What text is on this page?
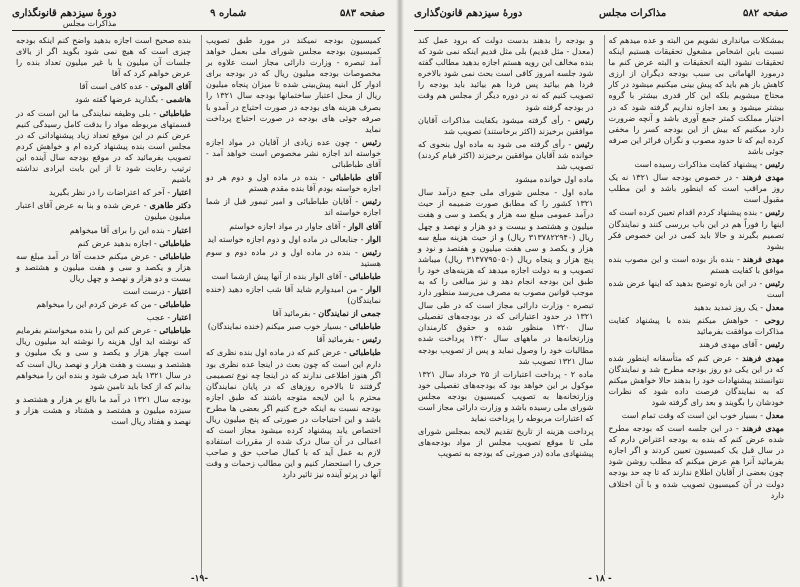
صفحه ۵۸۳
شماره ۹
دورهٔ سیزدهم قانونگذاری
مذاکرات مجلس

کمیسیون بودجه نمیکند در مورد طبق تصویب کمیسیون بودجه مجلس شورای ملی بعمل خواهد آمد تبصره - وزارت دارائی مجاز است علاوه بر مخصوصات بودجه میلیون ریال که در بودجه برای ادوار کل ابنیه پیش‌بینی شده تا میزان پنجاه میلیون ریال از محل اعتبار ساختمانها بودجه سال ۱۳۲۱ را بصرف هزینه های بودجه در صورت احتیاج در آمدو با صرفه جوئی های بودجه در صورت احتیاج پرداخت نماید

رئیس - چون عده زیادی از آقایان در مواد اجازه خواسته اند اجازه نشر مخصوص است خواهد آمد - آقای طباطبائی

آقای طباطبائی - بنده در ماده اول و دوم هر دو اجازه خواسته بودم آقا بنده مقدم هستم

رئیس - آقایان طباطبائی و امیر تیمور قبل از شما اجازه خواسته اند

آقای الوار - آقای جاوار در مواد اجازه خواستم

الوار - جنابعالی در ماده اول و دوم اجازه خواسته اید

رئیس - بنده در ماده اول و در ماده دوم و سوم هستید

طباطبائی - آقای الوار بنده از آنها پیش ازشما است

الوار - من امیدوارم شاید آقا شب اجازه دهید (خنده نمایندگان)

جمعی از نمایندگان - بفرمائید آقا

طباطبائی - بسیار خوب صبر میکنم (خنده نمایندگان)

رئیس - بفرمائید آقا

طباطبائی - عرض کنم که در ماده اول بنده نظری که دارم این است که چون بعث در اینجا عده نظری بود اگر هنوز اطلاعی ندارند که در اینجا چه نوع تصمیمی گرفتند تا بالاخره روزهای که در پایان نمایندگان محترم با این لایحه متوجه باشند که طبق اجازه بودجه نسبت به اینکه خرج کنیم اگر بعضی ها مطرح باشد و این احتیاجات در صورتی که پنج میلیون ریال اختصاص یابد پیشنهاد کرده میشود مجاز است که اعمالی در آن سال درک شده از مقررات استفاده لازم به عمل آید که با کمال صاحب حق و صاحب حرف را استحضار کنیم و این مطالب زحمات و وقت آنها در پرتو آینده نیز تاثیر دارد

بنده صحیح است اجازه بدهید واضح کنم اینکه بودجه چیزی است که هیچ نمی شود بگوید اگر از بالای جلسات آن میلیون یا با غیر میلیون تعداد بنده را عرض خواهم کرد که آقا

آقای الموتی - عده کافی است آقا

هاشمی - بگذارید عرضها گفته شود

طباطبائی - بلی وظیفه نمایندگی ما این است که در قسمتهای مربوطه مواد را بدقت کامل رسیدگی کنیم عرض کنم در این موقع تعداد زیاد پیشنهاداتی که در مجلس است بنده پیشنهاد کرده ام و خواهش کردم تصویب بفرمائید که در موقع بودجه سال آینده این ترتیب رعایت شود تا از این بابت ایرادی نداشته باشیم

اعتبار - آخر که اعتراضات را در نظر بگیرید

دکتر طاهری - عرض شده و بنا به عرض آقای اعتبار میلیون میلیون

اعتبار - بنده این را برای آقا میخواهم

طباطبائی - اجازه بدهید عرض کنم

طباطبائی - عرض میکنم خدمت آقا در آمد مبلغ سه هزار و یکصد و سی و هفت میلیون و هشتصد و بیست و دو هزار و نهصد و چهل ریال

اعتبار - درست است

طباطبائی - من که عرض کردم این را میخواهم

اعتبار - عجب

طباطبائی - عرض کنم این را بنده میخواستم بفرمایم که نوشته اید اول هزینه را نوشته اید میلیون ریال است چهار هزار و یکصد و سی و یک میلیون و هشتصد و بیست و هفت هزار و نهصد ریال است که در سال ۱۳۲۱ باید صرف شود و بنده این را میخواهم بدانم که از کجا باید تامین شود

بودجه سال ۱۳۲۱ در آمد ما بالغ بر هزار و هشتصد و سیزده میلیون و هشتصد و هشتاد و هشت هزار و نهصد و هفتاد ریال است

-۱۹-
صفحه ۵۸۲
مذاکرات مجلس
دورهٔ سیزدهم قانون‌گذاری

بمشکلات میانداری نشویم من البته و عده میدهم که نسبت باین اشخاص مشغول تحقیقات هستیم اینکه تحقیقات نشود الیته اتحقیقات و البته عرض کنم ما درمورد الهاماتی بی سبب بودجه دیگران از ارزی کاهش باز هم باید که پیش بینی میکنیم میشود در کار محتاج میشویم بلکه این کار قدری بیشتر با گروه بیشتر میشود و بعد اجازه نداریم گرفته شود که در اختیار مملکت کمتر جمع آوری باشد و آنچه ضرورت دارد میکنیم که بیش از این بودجه کسر را مخفی کرده ایم که تا حدود مصوب و نگران فرائر این صرفه جوئی باشد

رئیس - پیشنهاد کفایت مذاکرات رسیده است

مهدی فرهند - در خصوص بودجه سال ۱۳۲۱ نه یک روز مراقب است که اینطور باشد و این مطلب مقبول است

رئیس - بنده پیشنهاد کردم اقدام تعیین کرده است که اینها را فوراً هم در این باب بررسی کنند و نمایندگان تصمیم بگیرند و حالا باید کمی در این خصوص فکر بشود

مهدی فرهند - بنده باز بوده است و این مصوب بنده موافق با کفایت هستم

رئیس - در این باره توضیح بدهید که اینها عرض شده است

معدل - یک روز تمدید بدهید

روحی - خواهش میکنم بنده با پیشنهاد کفایت مذاکرات موافقت بفرمائید

رئیس - آقای مهدی فرهند

مهدی فرهند - عرض کنم که متأسفانه اینطور شده که در این یکی دو روز بودجه مطرح شد و نمایندگان نتوانستند پیشنهادات خود را بدهند حالا خواهش میکنم که به نمایندگان فرصت داده شود که نظرات خودشان را بگویند و بعد رای گرفته شود

معدل - بسیار خوب این است که وقت تمام است

مهدی فرهند - در این جلسه است که بودجه مطرح شده عرض کنم که بنده به بودجه اعتراض دارم که در سال قبل یک کمیسیون تعیین کردند و اگر اجازه بفرمائید آنرا هم عرض میکنم که مطلب روشن شود چون بعضی از آقایان اطلاع ندارند که تا چه حد بودجه دولت در آن کمیسیون تصویب شده و با آن اختلاف دارد

و بودجه را بدهند بدست دولت که برود عمل کند (معدل - مثل قدیم) بلی مثل قدیم اینکه نمی شود که بنده مخالف این رویه هستم اجازه بدهید مطالب گفته شود جلسه امروز کافی است بحث نمی شود بالاخره فردا هم بیائید پس فردا هم بیائید باید بودجه را تصویب کنیم که نه در دوره دیگر از مجلس هم وقت در بودجه گرفته شود

رئیس - رأی گرفته میشود بکفایت مذاکرات آقایان موافقین برخیزند (اکثر برخاستند) تصویب شد

رئیس - رأی گرفته می شود به ماده اول بنحوی که خوانده شد آقایان موافقین برخیزند (اکثر قیام کردند) تصویب شد

ماده اول خوانده میشود

ماده اول - مجلس شورای ملی جمع درآمد سال ۱۳۲۱ کشور را که مطابق صورت ضمیمه از حیث درآمد عمومی مبلغ سه هزار و یکصد و سی و هفت میلیون و هشتصد و بیست و دو هزار و نهصد و چهل ریال (۳۱۳۷۸۲۲۹۴۰ ریال) و از حیث هزینه مبلغ سه هزار و یکصد و سی هفت میلیون و هفتصد و نود و پنج هزار و پنجاه ریال (۳۱۳۷۷۹۵۰۵۰ ریال) میباشد تصویب و به دولت اجازه میدهد که هزینه‌های خود را طبق این بودجه انجام دهد و نیز مبالغی را که به موجب قوانین مصوب به مصرف می‌رسد منظور دارد

تبصره - وزارت دارائی مجاز است که در طی سال ۱۳۲۱ در حدود اعتباراتی که در بودجه‌های تفصیلی سال ۱۳۲۰ منظور شده و حقوق کارمندان وزارتخانه‌ها در ماههای سال ۱۳۲۰ پرداخت شده مطالبات خود را وصول نماید و پس از تصویب بودجه سال ۱۳۲۱ تصویب شد

ماده ۲ - پرداخت اعتبارات از ۲۵ خرداد سال ۱۳۲۱ موکول بر این خواهد بود که بودجه‌های تفصیلی خود وزارتخانه‌ها به تصویب کمیسیون بودجه مجلس شورای ملی رسیده باشد و وزارت دارائی مجاز است که اعتبارات مربوطه را پرداخت نماید

پرداخت هزینه از تاریخ تقدیم لایحه بمجلس شورای ملی تا موقع تصویب مجلس از مواد بودجه‌های پیشنهادی ماده (در صورتی که بودجه به تصویب

- ۱۸ -
